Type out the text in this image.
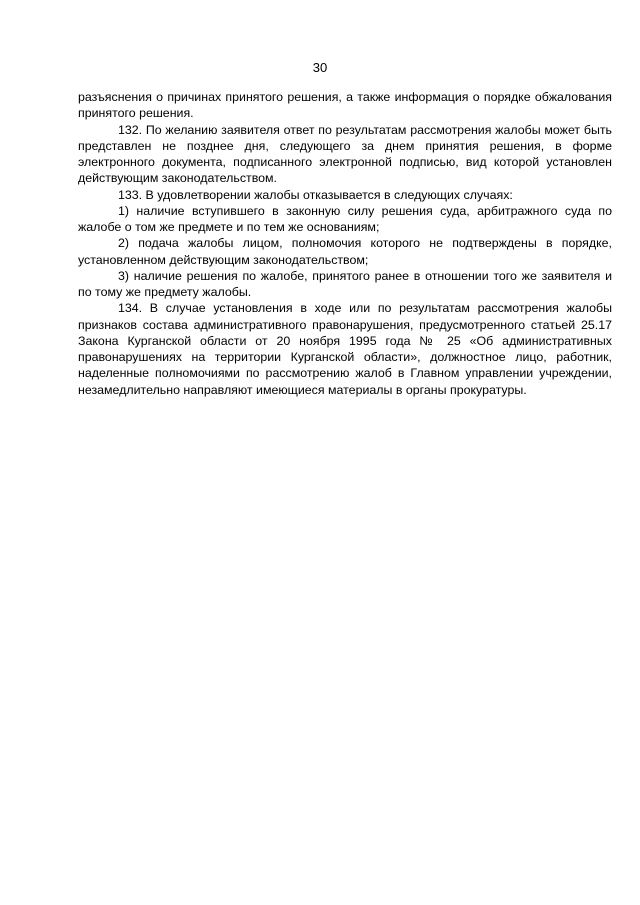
30

разъяснения о причинах принятого решения, а также информация о порядке обжалования принятого решения.

132. По желанию заявителя ответ по результатам рассмотрения жалобы может быть представлен не позднее дня, следующего за днем принятия решения, в форме электронного документа, подписанного электронной подписью, вид которой установлен действующим законодательством.

133. В удовлетворении жалобы отказывается в следующих случаях:

1) наличие вступившего в законную силу решения суда, арбитражного суда по жалобе о том же предмете и по тем же основаниям;

2) подача жалобы лицом, полномочия которого не подтверждены в порядке, установленном действующим законодательством;

3) наличие решения по жалобе, принятого ранее в отношении того же заявителя и по тому же предмету жалобы.

134. В случае установления в ходе или по результатам рассмотрения жалобы признаков состава административного правонарушения, предусмотренного статьей 25.17 Закона Курганской области от 20 ноября 1995 года № 25 «Об административных правонарушениях на территории Курганской области», должностное лицо, работник, наделенные полномочиями по рассмотрению жалоб в Главном управлении учреждении, незамедлительно направляют имеющиеся материалы в органы прокуратуры.
